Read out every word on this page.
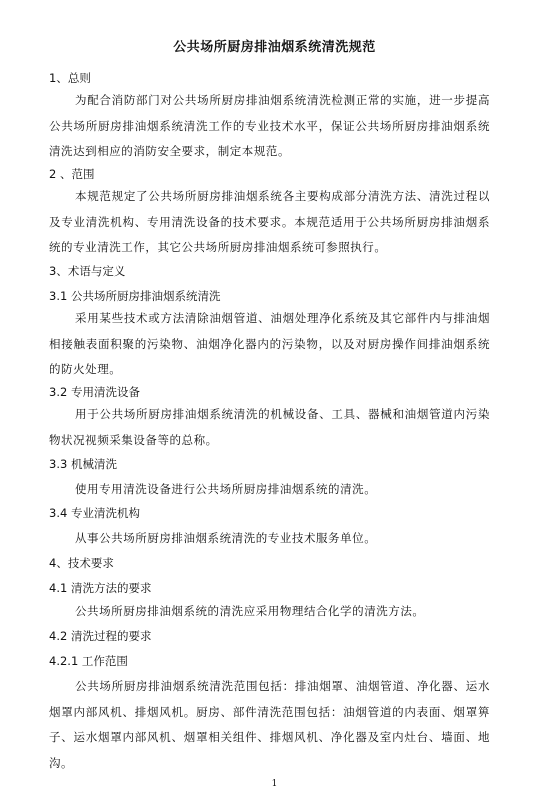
公共场所厨房排油烟系统清洗规范
1、总则
为配合消防部门对公共场所厨房排油烟系统清洗检测正常的实施，进一步提高公共场所厨房排油烟系统清洗工作的专业技术水平，保证公共场所厨房排油烟系统清洗达到相应的消防安全要求，制定本规范。
2 、范围
本规范规定了公共场所厨房排油烟系统各主要构成部分清洗方法、清洗过程以及专业清洗机构、专用清洗设备的技术要求。本规范适用于公共场所厨房排油烟系统的专业清洗工作，其它公共场所厨房排油烟系统可参照执行。
3、术语与定义
3.1 公共场所厨房排油烟系统清洗
采用某些技术或方法清除油烟管道、油烟处理净化系统及其它部件内与排油烟相接触表面积聚的污染物、油烟净化器内的污染物，以及对厨房操作间排油烟系统的防火处理。
3.2 专用清洗设备
用于公共场所厨房排油烟系统清洗的机械设备、工具、器械和油烟管道内污染物状况视频采集设备等的总称。
3.3 机械清洗
使用专用清洗设备进行公共场所厨房排油烟系统的清洗。
3.4 专业清洗机构
从事公共场所厨房排油烟系统清洗的专业技术服务单位。
4、技术要求
4.1 清洗方法的要求
公共场所厨房排油烟系统的清洗应采用物理结合化学的清洗方法。
4.2 清洗过程的要求
4.2.1 工作范围
公共场所厨房排油烟系统清洗范围包括：排油烟罩、油烟管道、净化器、运水烟罩内部风机、排烟风机。厨房、部件清洗范围包括：油烟管道的内表面、烟罩箅子、运水烟罩内部风机、烟罩相关组件、排烟风机、净化器及室内灶台、墙面、地沟。
1
